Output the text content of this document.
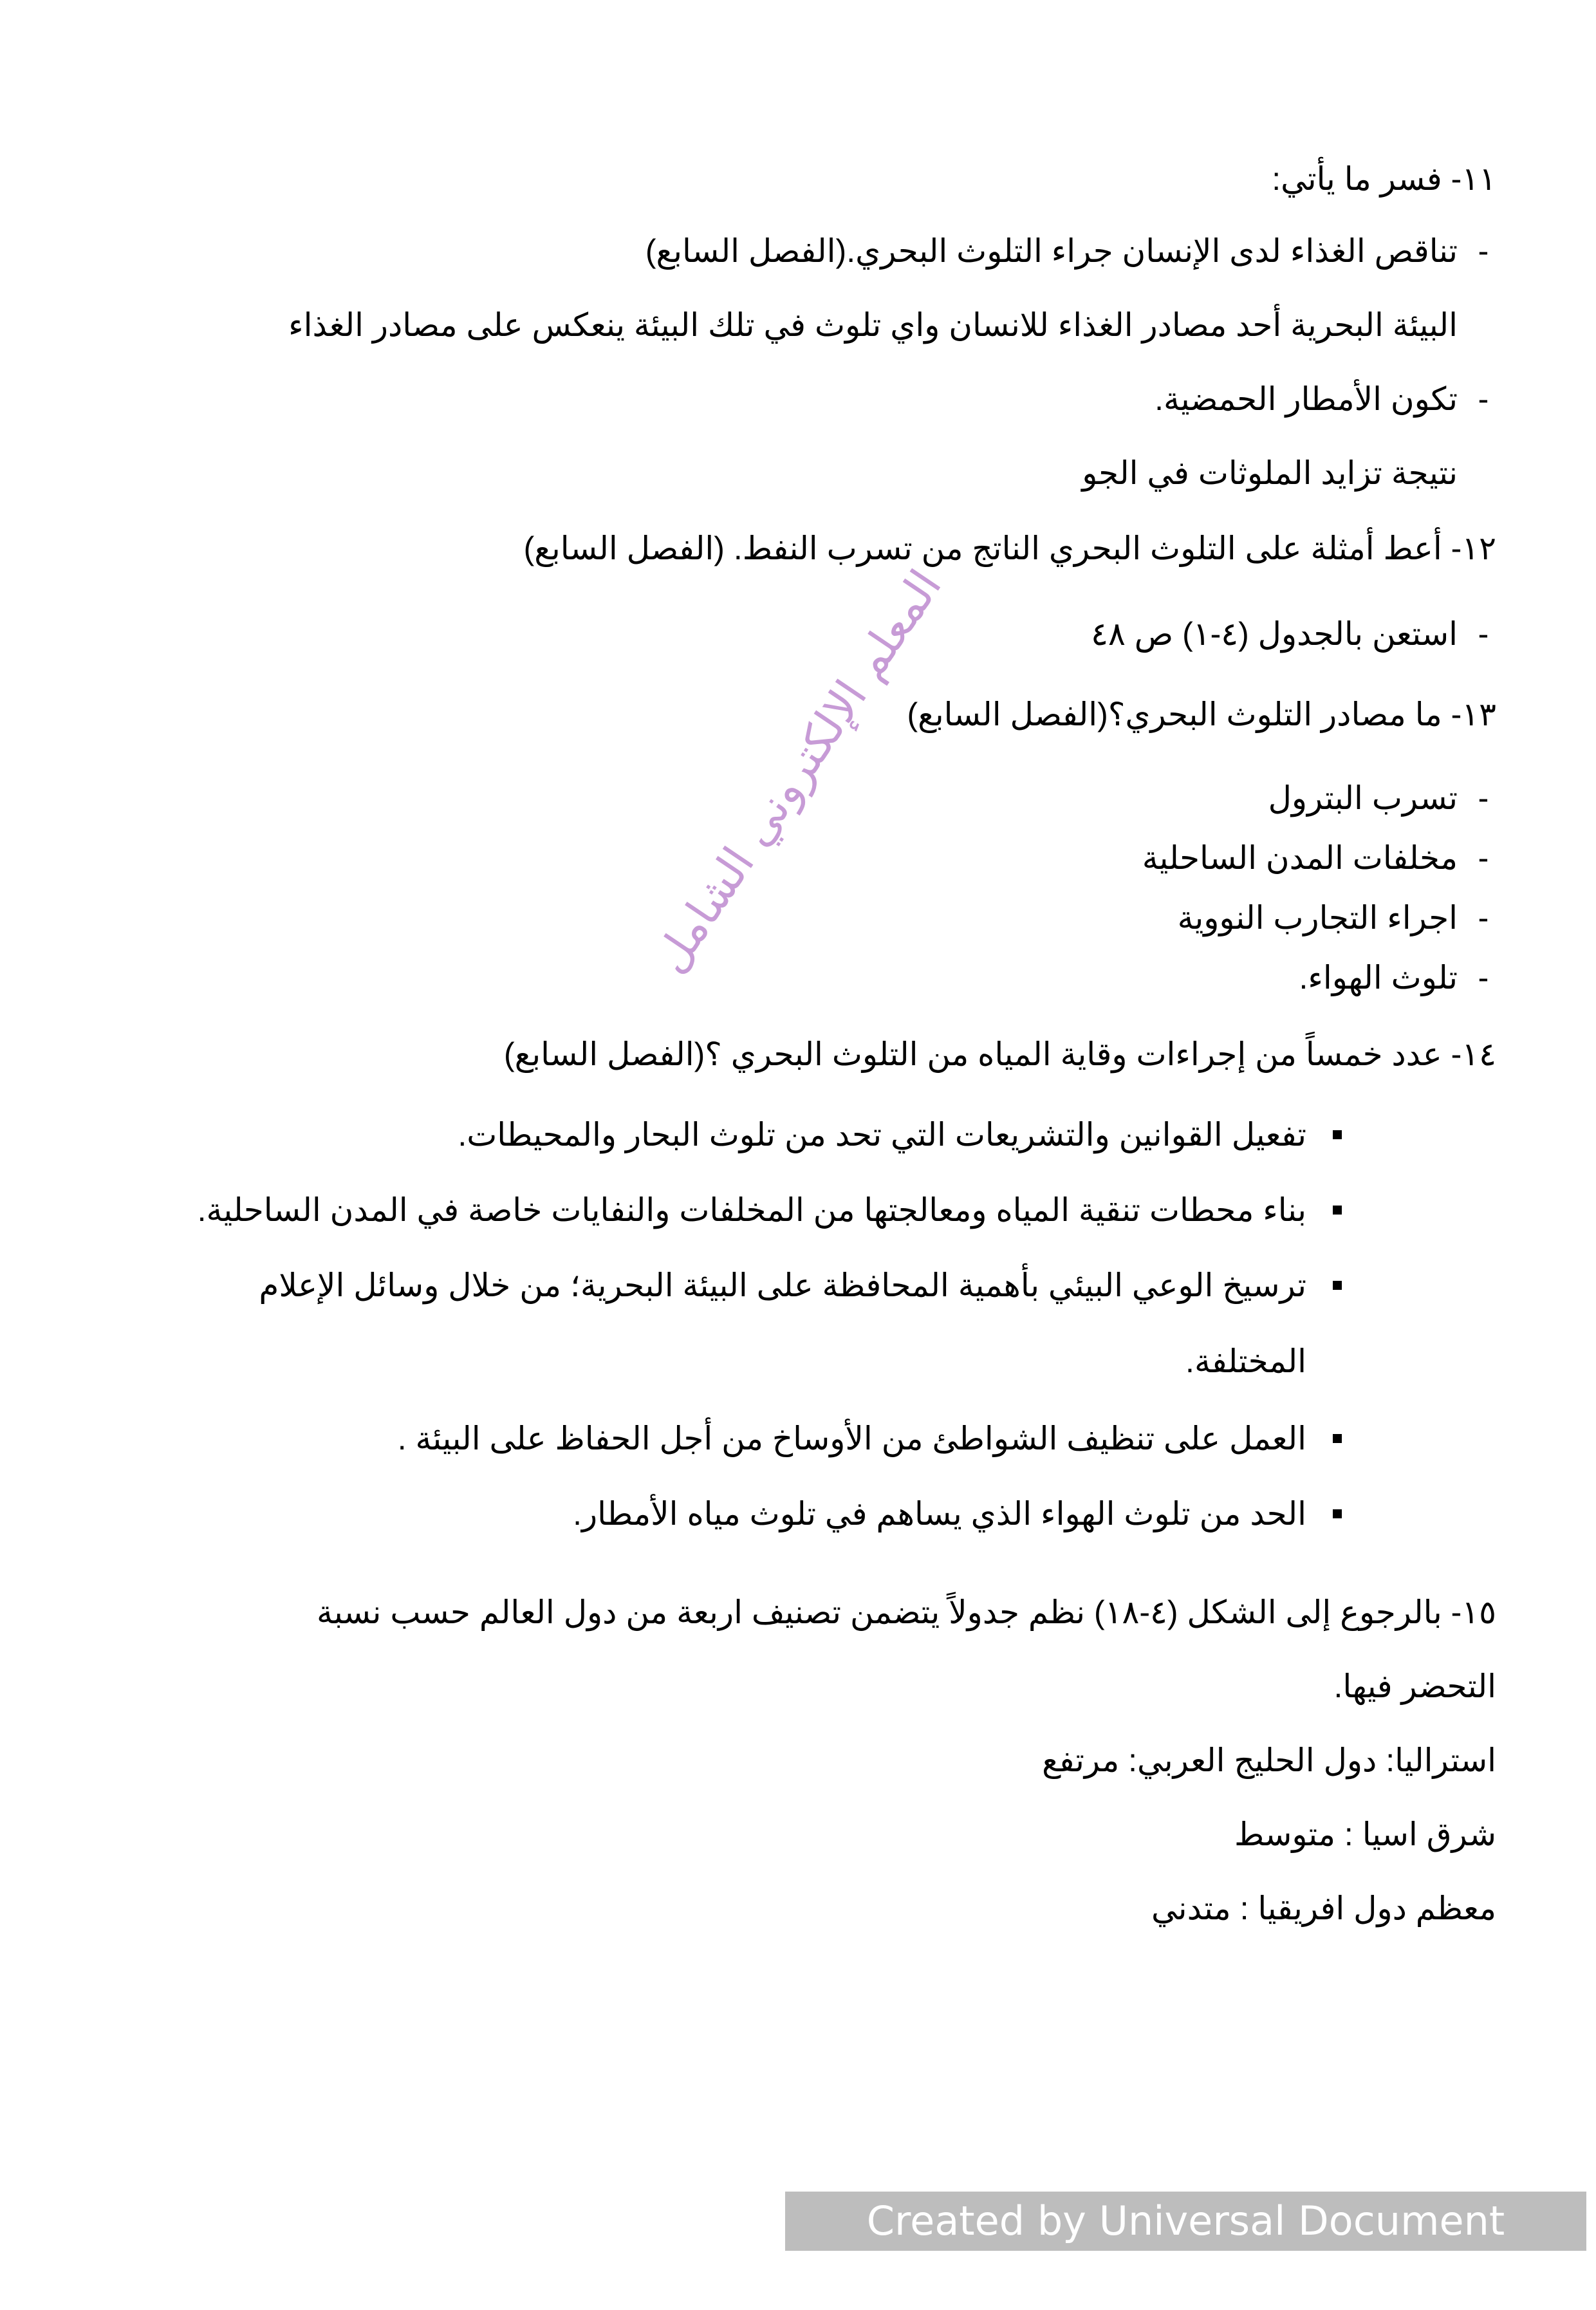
١١- فسر ما يأتي:
-
تناقص الغذاء لدى الإنسان جراء التلوث البحري.(الفصل السابع)
البيئة البحرية أحد مصادر الغذاء للانسان واي تلوث في تلك البيئة ينعكس على مصادر الغذاء
-
تكون الأمطار الحمضية.
نتيجة تزايد الملوثات في الجو
١٢- أعط أمثلة على التلوث البحري الناتج من تسرب النفط. (الفصل السابع)
-
استعن بالجدول (٤-١) ص ٤٨
١٣- ما مصادر التلوث البحري؟(الفصل السابع)
-
تسرب البترول
-
مخلفات المدن الساحلية
-
اجراء التجارب النووية
-
تلوث الهواء.
١٤- عدد خمساً من إجراءات وقاية المياه من التلوث البحري ؟(الفصل السابع)
تفعيل القوانين والتشريعات التي تحد من تلوث البحار والمحيطات.
بناء محطات تنقية المياه ومعالجتها من المخلفات والنفايات خاصة في المدن الساحلية.
ترسيخ الوعي البيئي بأهمية المحافظة على البيئة البحرية؛ من خلال وسائل الإعلام
المختلفة.
العمل على تنظيف الشواطئ من الأوساخ من أجل الحفاظ على البيئة .
الحد من تلوث الهواء الذي يساهم في تلوث مياه الأمطار.
١٥- بالرجوع إلى الشكل (٤-١٨) نظم جدولاً يتضمن تصنيف اربعة من دول العالم حسب نسبة
التحضر فيها.
استراليا: دول الحليج العربي: مرتفع
شرق اسيا : متوسط
معظم دول افريقيا : متدني
المعلم الإلكتروني الشامل
Created by Universal Document Converter
